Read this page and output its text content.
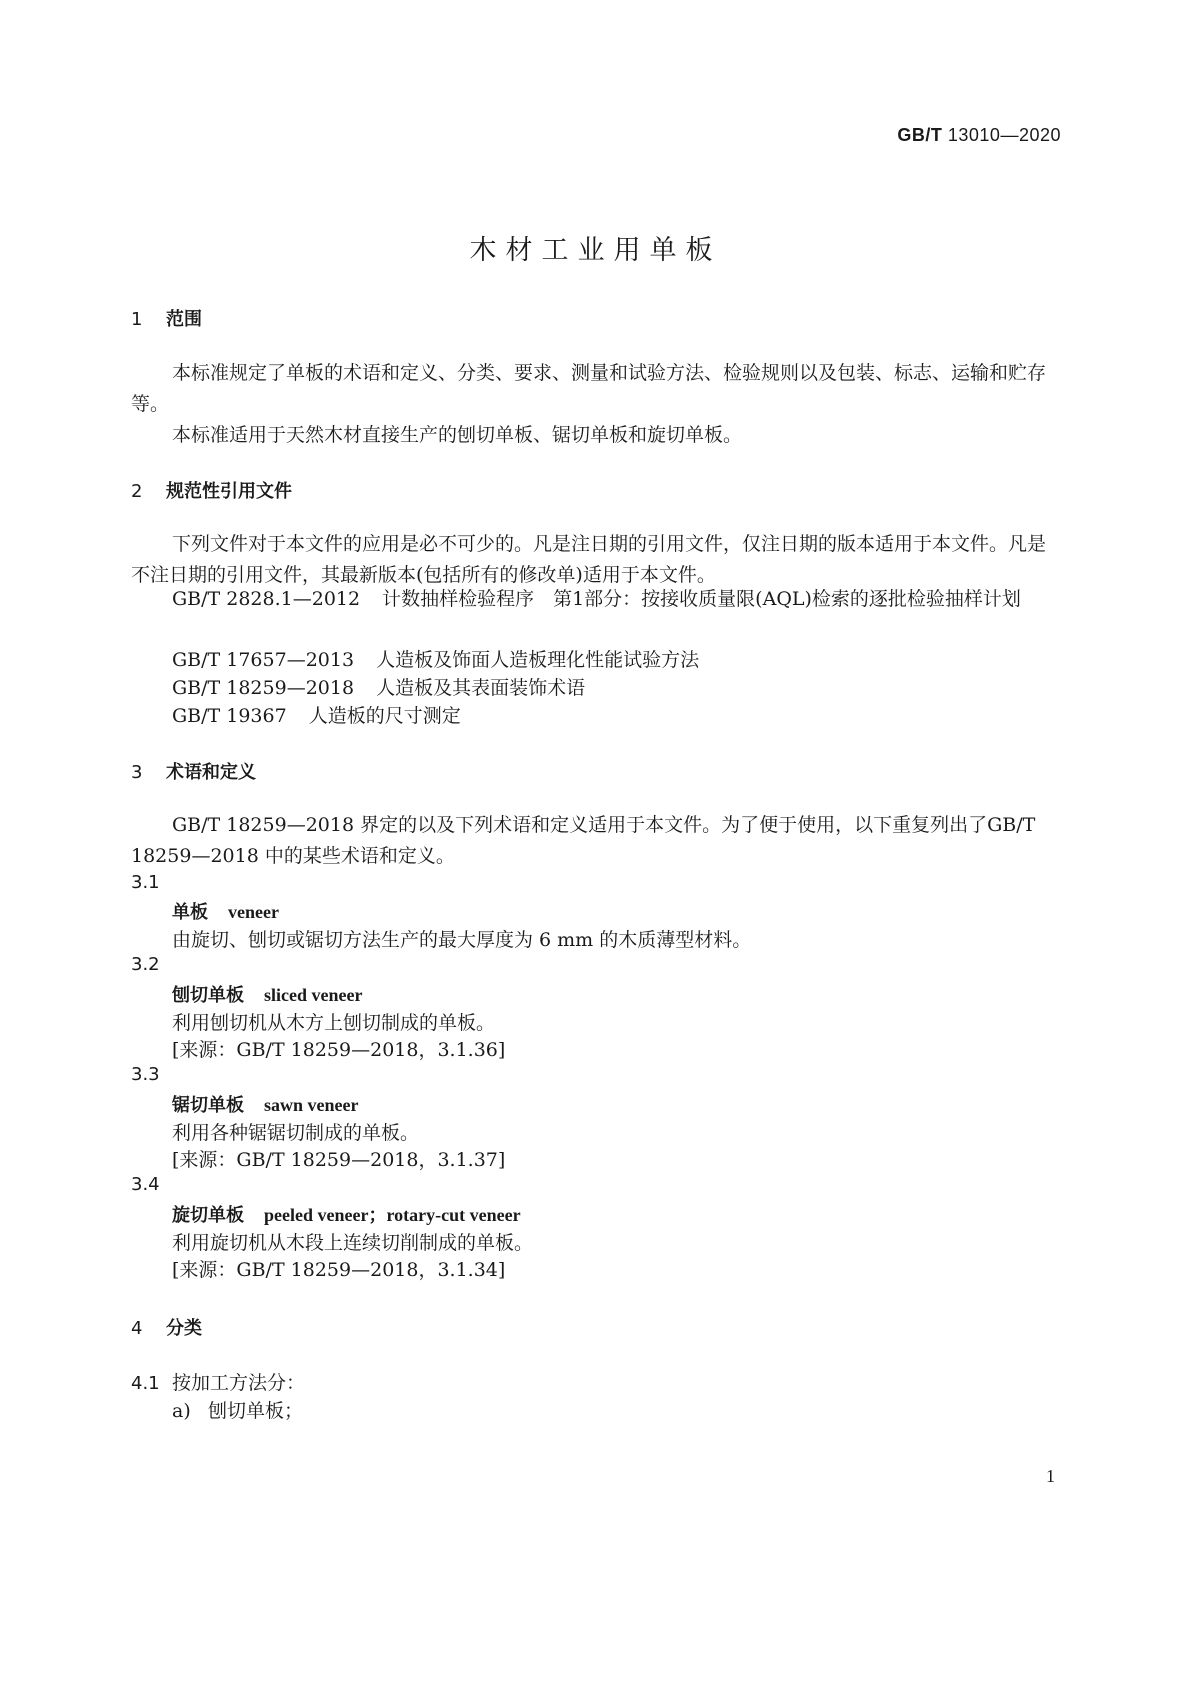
GB/T 13010—2020
木材工业用单板
1 范围
本标准规定了单板的术语和定义、分类、要求、测量和试验方法、检验规则以及包装、标志、运输和贮存等。
本标准适用于天然木材直接生产的刨切单板、锯切单板和旋切单板。
2 规范性引用文件
下列文件对于本文件的应用是必不可少的。凡是注日期的引用文件，仅注日期的版本适用于本文件。凡是不注日期的引用文件，其最新版本(包括所有的修改单)适用于本文件。
GB/T 2828.1—2012 计数抽样检验程序　第1部分：按接收质量限(AQL)检索的逐批检验抽样计划
GB/T 17657—2013 人造板及饰面人造板理化性能试验方法
GB/T 18259—2018 人造板及其表面装饰术语
GB/T 19367 人造板的尺寸测定
3 术语和定义
GB/T 18259—2018 界定的以及下列术语和定义适用于本文件。为了便于使用，以下重复列出了GB/T 18259—2018 中的某些术语和定义。
3.1
单板 veneer
由旋切、刨切或锯切方法生产的最大厚度为 6 mm 的木质薄型材料。
3.2
刨切单板 sliced veneer
利用刨切机从木方上刨切制成的单板。
[来源：GB/T 18259—2018，3.1.36]
3.3
锯切单板 sawn veneer
利用各种锯锯切制成的单板。
[来源：GB/T 18259—2018，3.1.37]
3.4
旋切单板 peeled veneer；rotary-cut veneer
利用旋切机从木段上连续切削制成的单板。
[来源：GB/T 18259—2018，3.1.34]
4 分类
4.1 按加工方法分：
a) 刨切单板；
1
